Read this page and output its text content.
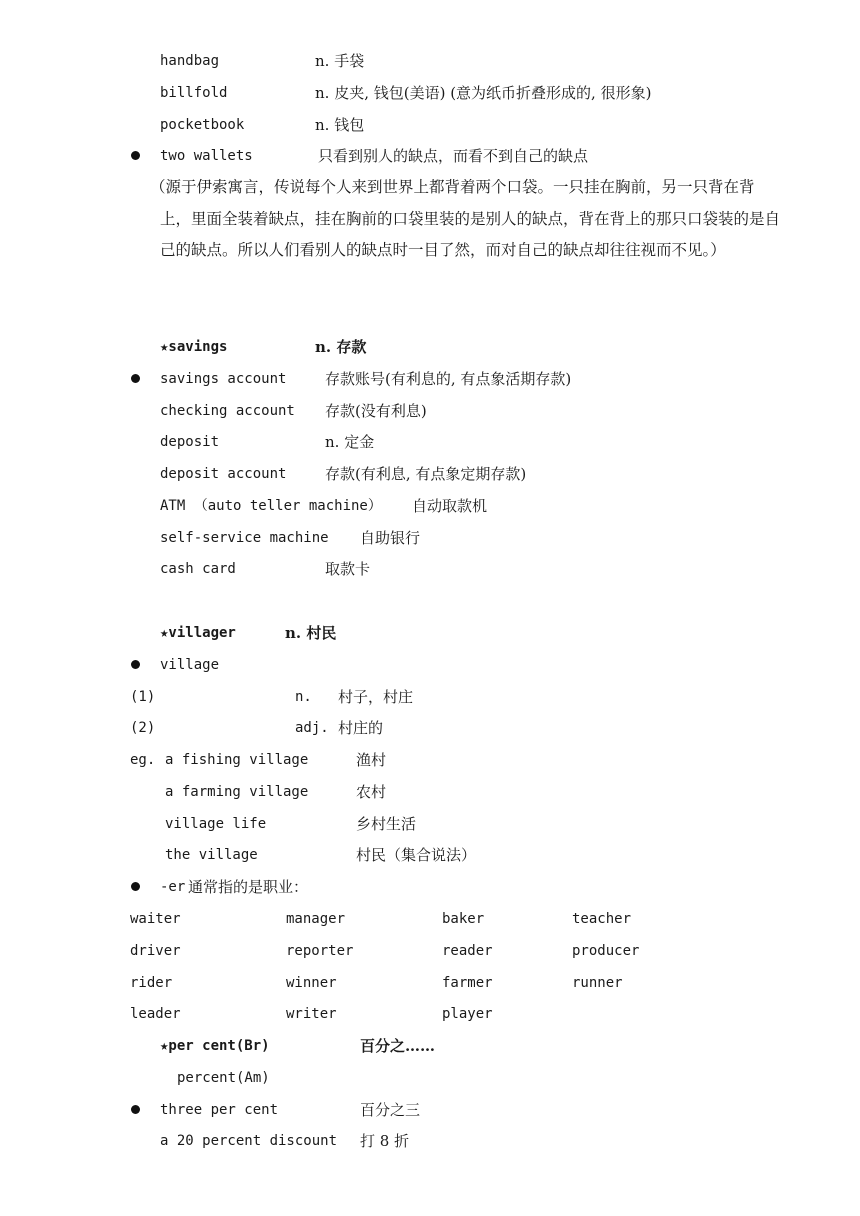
handbag	n. 手袋
billfold	n. 皮夹, 钱包(美语) (意为纸币折叠形成的, 很形象)
pocketbook	n. 钱包
two wallets	只看到别人的缺点，而看不到自己的缺点
（源于伊索寓言，传说每个人来到世界上都背着两个口袋。一只挂在胸前，另一只背在背上，里面全装着缺点，挂在胸前的口袋里装的是别人的缺点，背在背上的那只口袋装的是自己的缺点。所以人们看别人的缺点时一目了然，而对自己的缺点却往往视而不见。）
★savings	n. 存款
savings account	存款账号(有利息的, 有点象活期存款)
checking account 存款(没有利息)
deposit	n. 定金
deposit account	存款(有利息, 有点象定期存款)
ATM （auto teller machine） 自动取款机
self-service machine 自助银行
cash card	取款卡
★villager	n. 村民
village
(1)	n. 村子，村庄
(2)	adj. 村庄的
eg. a fishing village	渔村
a farming village	农村
village life	乡村生活
the village	村民（集合说法）
-er 通常指的是职业：
waiter	manager	baker	teacher
driver	reporter	reader	producer
rider	winner	farmer	runner
leader	writer	player
★per cent(Br)	百分之……
percent(Am)
three per cent	百分之三
a 20 percent discount 打 8 折
